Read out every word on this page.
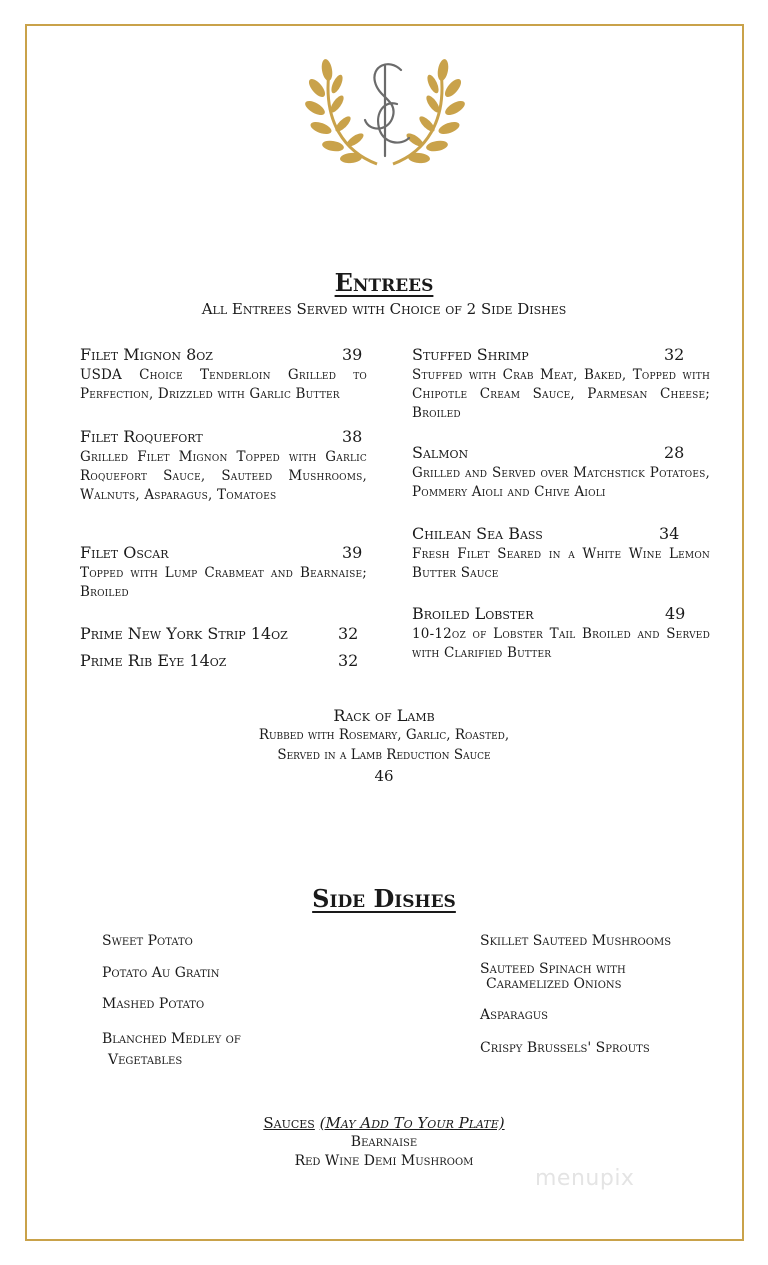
Entrees
All Entrees Served with Choice of 2 Side Dishes
Filet Mignon 8oz	39
USDA Choice Tenderloin Grilled to Perfection, Drizzled with Garlic Butter
Filet Roquefort	38
Grilled Filet Mignon Topped with Garlic Roquefort Sauce, Sauteed Mushrooms, Walnuts, Asparagus, Tomatoes
Filet Oscar	39
Topped with Lump Crabmeat and Bearnaise; Broiled
Prime New York Strip 14oz	32
Prime Rib Eye 14oz	32
Stuffed Shrimp	32
Stuffed with Crab Meat, Baked, Topped with Chipotle Cream Sauce, Parmesan Cheese; Broiled
Salmon	28
Grilled and Served over Matchstick Potatoes, Pommery Aioli and Chive Aioli
Chilean Sea Bass	34
Fresh Filet Seared in a White Wine Lemon Butter Sauce
Broiled Lobster	49
10-12oz of Lobster Tail Broiled and Served with Clarified Butter
Rack of Lamb
Rubbed with Rosemary, Garlic, Roasted,
Served in a Lamb Reduction Sauce
46
Side Dishes
Sweet Potato
Potato Au Gratin
Mashed Potato
Blanched Medley of
Vegetables
Skillet Sauteed Mushrooms
Sauteed Spinach with
Caramelized Onions
Asparagus
Crispy Brussels' Sprouts
Sauces (May Add To Your Plate)
Bearnaise
Red Wine Demi Mushroom
menupix
